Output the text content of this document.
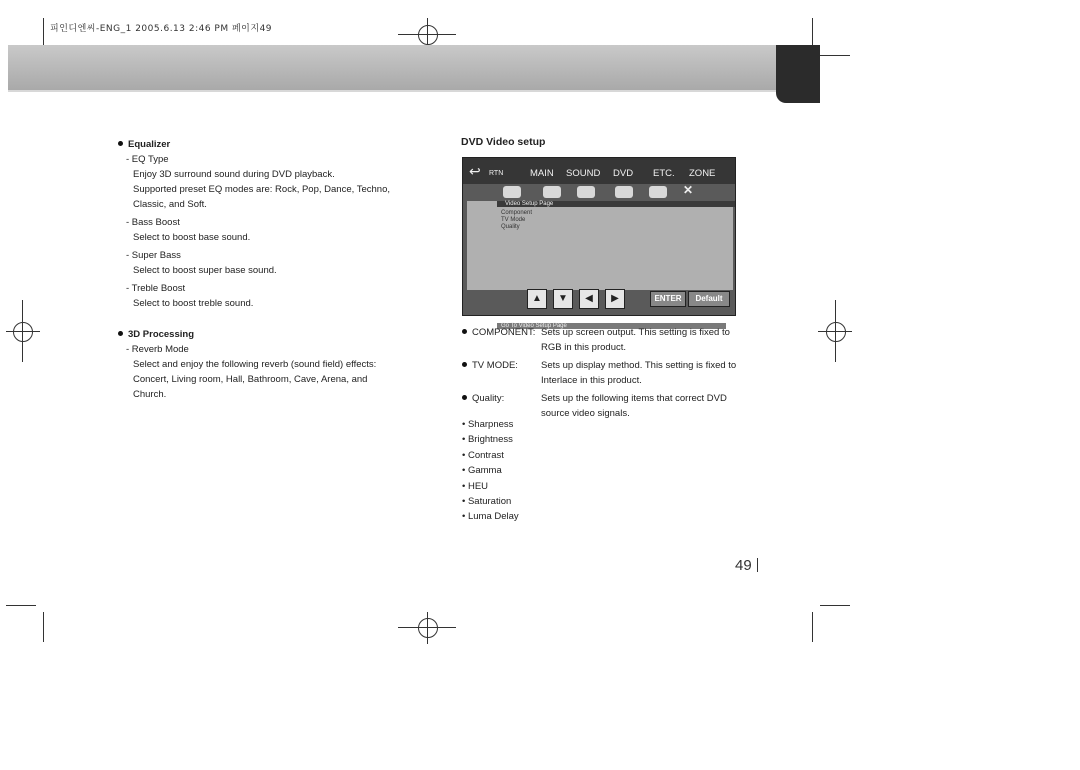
피인디엔씨-ENG_1 2005.6.13 2:46 PM 페이지49
Equalizer
- EQ Type
Enjoy 3D surround sound during DVD playback.
Supported preset EQ modes are: Rock, Pop, Dance, Techno,
Classic, and Soft.
- Bass Boost
Select to boost base sound.
- Super Bass
Select to boost super base sound.
- Treble Boost
Select to boost treble sound.
3D Processing
- Reverb Mode
Select and enjoy the following reverb (sound field) effects:
Concert, Living room, Hall, Bathroom, Cave, Arena, and
Church.
DVD Video setup
↩ RTN	MAIN SOUND DVD ETC. ZONE
✕
Video Setup Page
Component
TV Mode
Quality
Go To Video Setup Page
▲	▼	◀	▶	ENTER	Default
COMPONENT: Sets up screen output. This setting is fixed to
RGB in this product.
TV MODE:	Sets up display method. This setting is fixed to
Interlace in this product.
Quality:	Sets up the following items that correct DVD
source video signals.
• Sharpness
• Brightness
• Contrast
• Gamma
• HEU
• Saturation
• Luma Delay
49
